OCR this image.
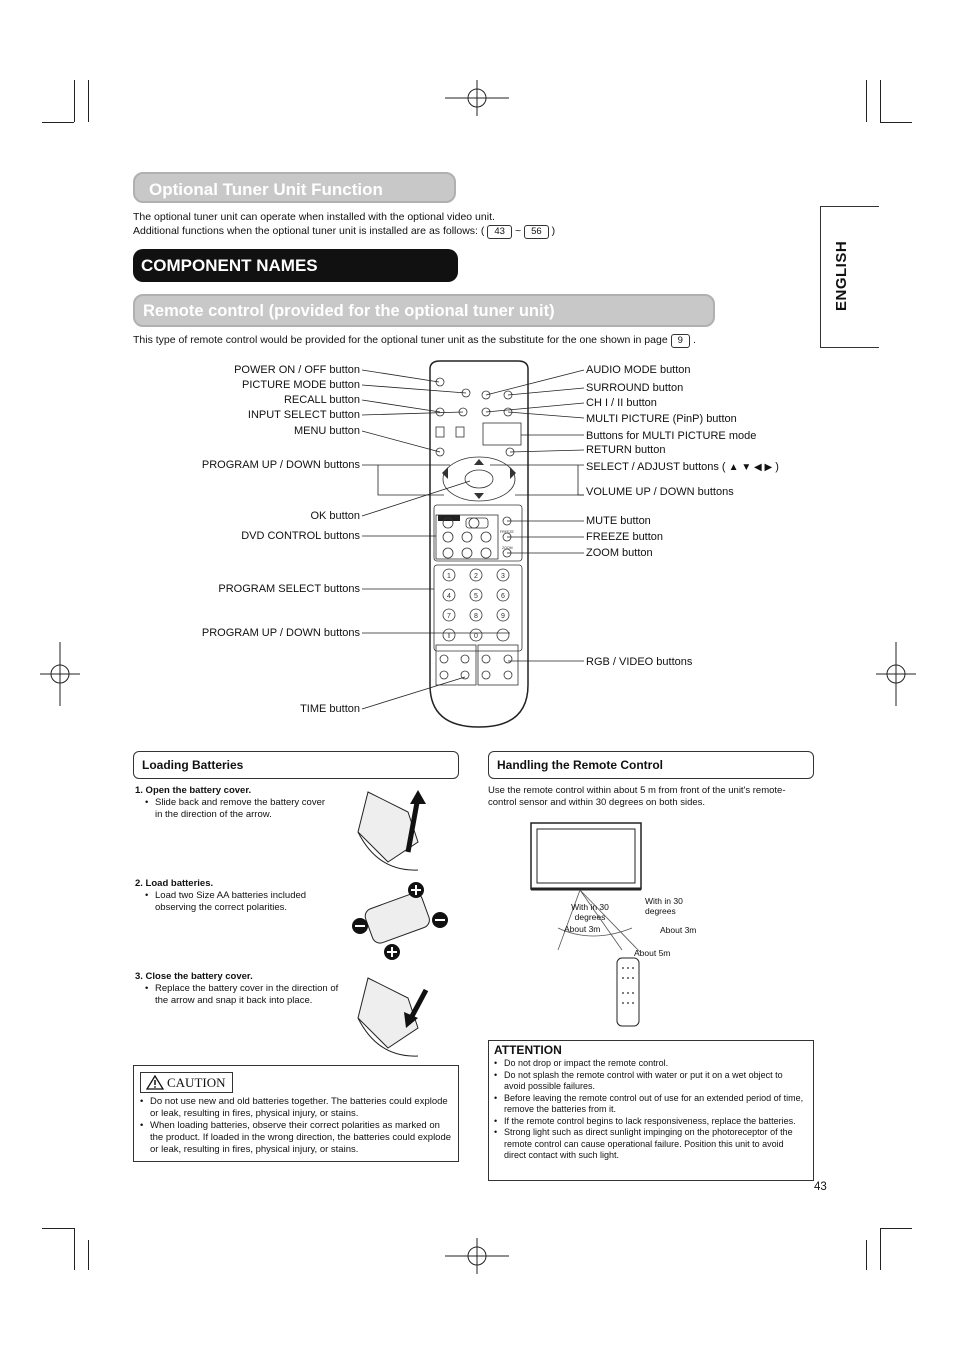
ENGLISH
Optional Tuner Unit Function
The optional tuner unit can operate when installed with the optional video unit.
Additional functions when the optional tuner unit is installed are as follows: ( 43 ~ 56 )
COMPONENT NAMES
Remote control (provided for the optional tuner unit)
This type of remote control would be provided for the optional tuner unit as the substitute for the one shown in page 9 .
DVD
FREEZE
ZOOM
1	2	3
4	5	6
7	8	9
0
POWER ON / OFF button
PICTURE MODE button
RECALL button
INPUT SELECT button
MENU button
PROGRAM UP / DOWN buttons
OK button
DVD CONTROL buttons
PROGRAM SELECT buttons
PROGRAM UP / DOWN buttons
TIME button
AUDIO MODE button
SURROUND button
CH I / II button
MULTI PICTURE (PinP) button
Buttons for MULTI PICTURE mode
RETURN button
SELECT / ADJUST buttons ( ▲ ▼ ◀ ▶ )
VOLUME UP / DOWN buttons
MUTE button
FREEZE button
ZOOM button
RGB / VIDEO buttons
Loading Batteries
1. Open the battery cover.
• Slide back and remove the battery cover in the direction of the arrow.
2. Load batteries.
• Load two Size AA batteries included observing the correct polarities.
3. Close the battery cover.
• Replace the battery cover in the direction of the arrow and snap it back into place.
CAUTION
• Do not use new and old batteries together. The batteries could explode or leak, resulting in fires, physical injury, or stains.
• When loading batteries, observe their correct polarities as marked on the product. If loaded in the wrong direction, the batteries could explode or leak, resulting in fires, physical injury, or stains.
Handling the Remote Control
Use the remote control within about 5 m from front of the unit's remote-control sensor and within 30 degrees on both sides.
With in 30 degrees
With in 30 degrees
About 3m	About 3m
About 5m
ATTENTION
• Do not drop or impact the remote control.
• Do not splash the remote control with water or put it on a wet object to avoid possible failures.
• Before leaving the remote control out of use for an extended period of time, remove the batteries from it.
• If the remote control begins to lack responsiveness, replace the batteries.
• Strong light such as direct sunlight impinging on the photoreceptor of the remote control can cause operational failure. Position this unit to avoid direct contact with such light.
43
